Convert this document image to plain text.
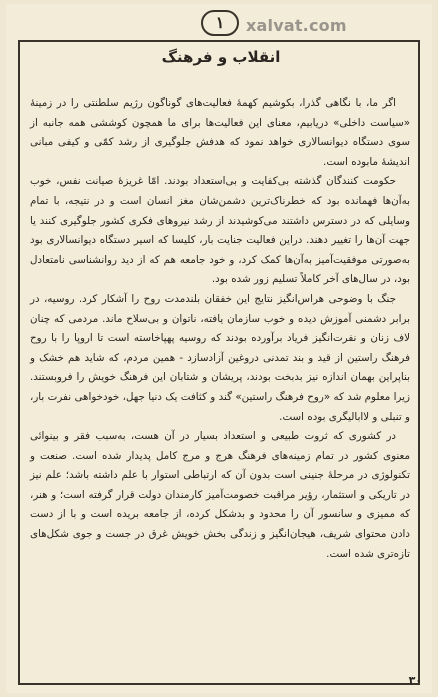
۱	xalvat.com
انقلاب و فرهنگ

اگر ما، با نگاهی گذرا، بکوشیم کهمهٔ فعالیت‌های گوناگون رژیم سلطنتی را در زمینهٔ «سیاست داخلی» دریابیم، معنای این فعالیت‌ها برای ما همچون کوششی همه جانبه از سوی دستگاه دیوانسالاری خواهد نمود که هدفش جلوگیری از رشد کمّی و کیفی مبانی اندیشهٔ مابوده است.

حکومت کنندگان گذشته بی‌کفایت و بی‌استعداد بودند. امّا غریزهٔ صیانت نفس، خوب به‌آن‌ها فهمانده بود که خطرناک‌ترین دشمن‌شان مغز انسان است و در نتیجه، با تمام وسایلی که در دسترس داشتند می‌کوشیدند از رشد نیروهای فکری کشور جلوگیری کنند یا جهت آن‌ها را تغییر دهند. دراین فعالیت جنایت بار، کلیسا که اسیر دستگاه دیوانسالاری بود به‌صورتی موفقیت‌آمیز به‌آن‌ها کمک کرد، و خود جامعه هم که از دید روانشناسی نامتعادل بود، در سال‌های آخر کاملاً تسلیم زور شده بود.

جنگ با وضوحی هراس‌انگیز نتایج این خفقان بلندمدت روح را آشکار کرد. روسیه، در برابر دشمنی آموزش دیده و خوب سازمان یافته، ناتوان و بی‌سلاح ماند. مردمی که چنان لاف زنان و نفرت‌انگیز فریاد برآورده بودند که روسیه پهپاخاسته است تا اروپا را با روح فرهنگ راستین از قید و بند تمدنی دروغین آزادسازد - همین مردم، که شاید هم خشک و بناپراین بهمان اندازه نیز بدبخت بودند، پریشان و شتابان این فرهنگ خویش را فروبستند. زیرا معلوم شد که «روح فرهنگ راستین» گند و کثافت یک دنیا جهل، خودخواهی نفرت بار، و تنبلی و لاابالیگری بوده است.

در کشوری که ثروت طبیعی و استعداد بسیار در آن هست، به‌سبب فقر و بینوائی معنوی کشور در تمام زمینه‌های فرهنگ هرج و مرج کامل پدیدار شده است. صنعت و تکنولوژی در مرحلهٔ جنینی است بدون آن که ارتباطی استوار با علم داشته باشد؛ علم نیز در تاریکی و استثمار، رؤیر مراقبت خصومت‌آمیز کارمندان دولت قرار گرفته است؛ و هنر، که ممیزی و سانسور آن را محدود و بدشکل کرده، از جامعه بریده است و با از دست دادن محتوای شریف، هیجان‌انگیز و زندگی بخش خویش غرق در جست و جوی شکل‌های تازه‌تری شده است.

۳۰
